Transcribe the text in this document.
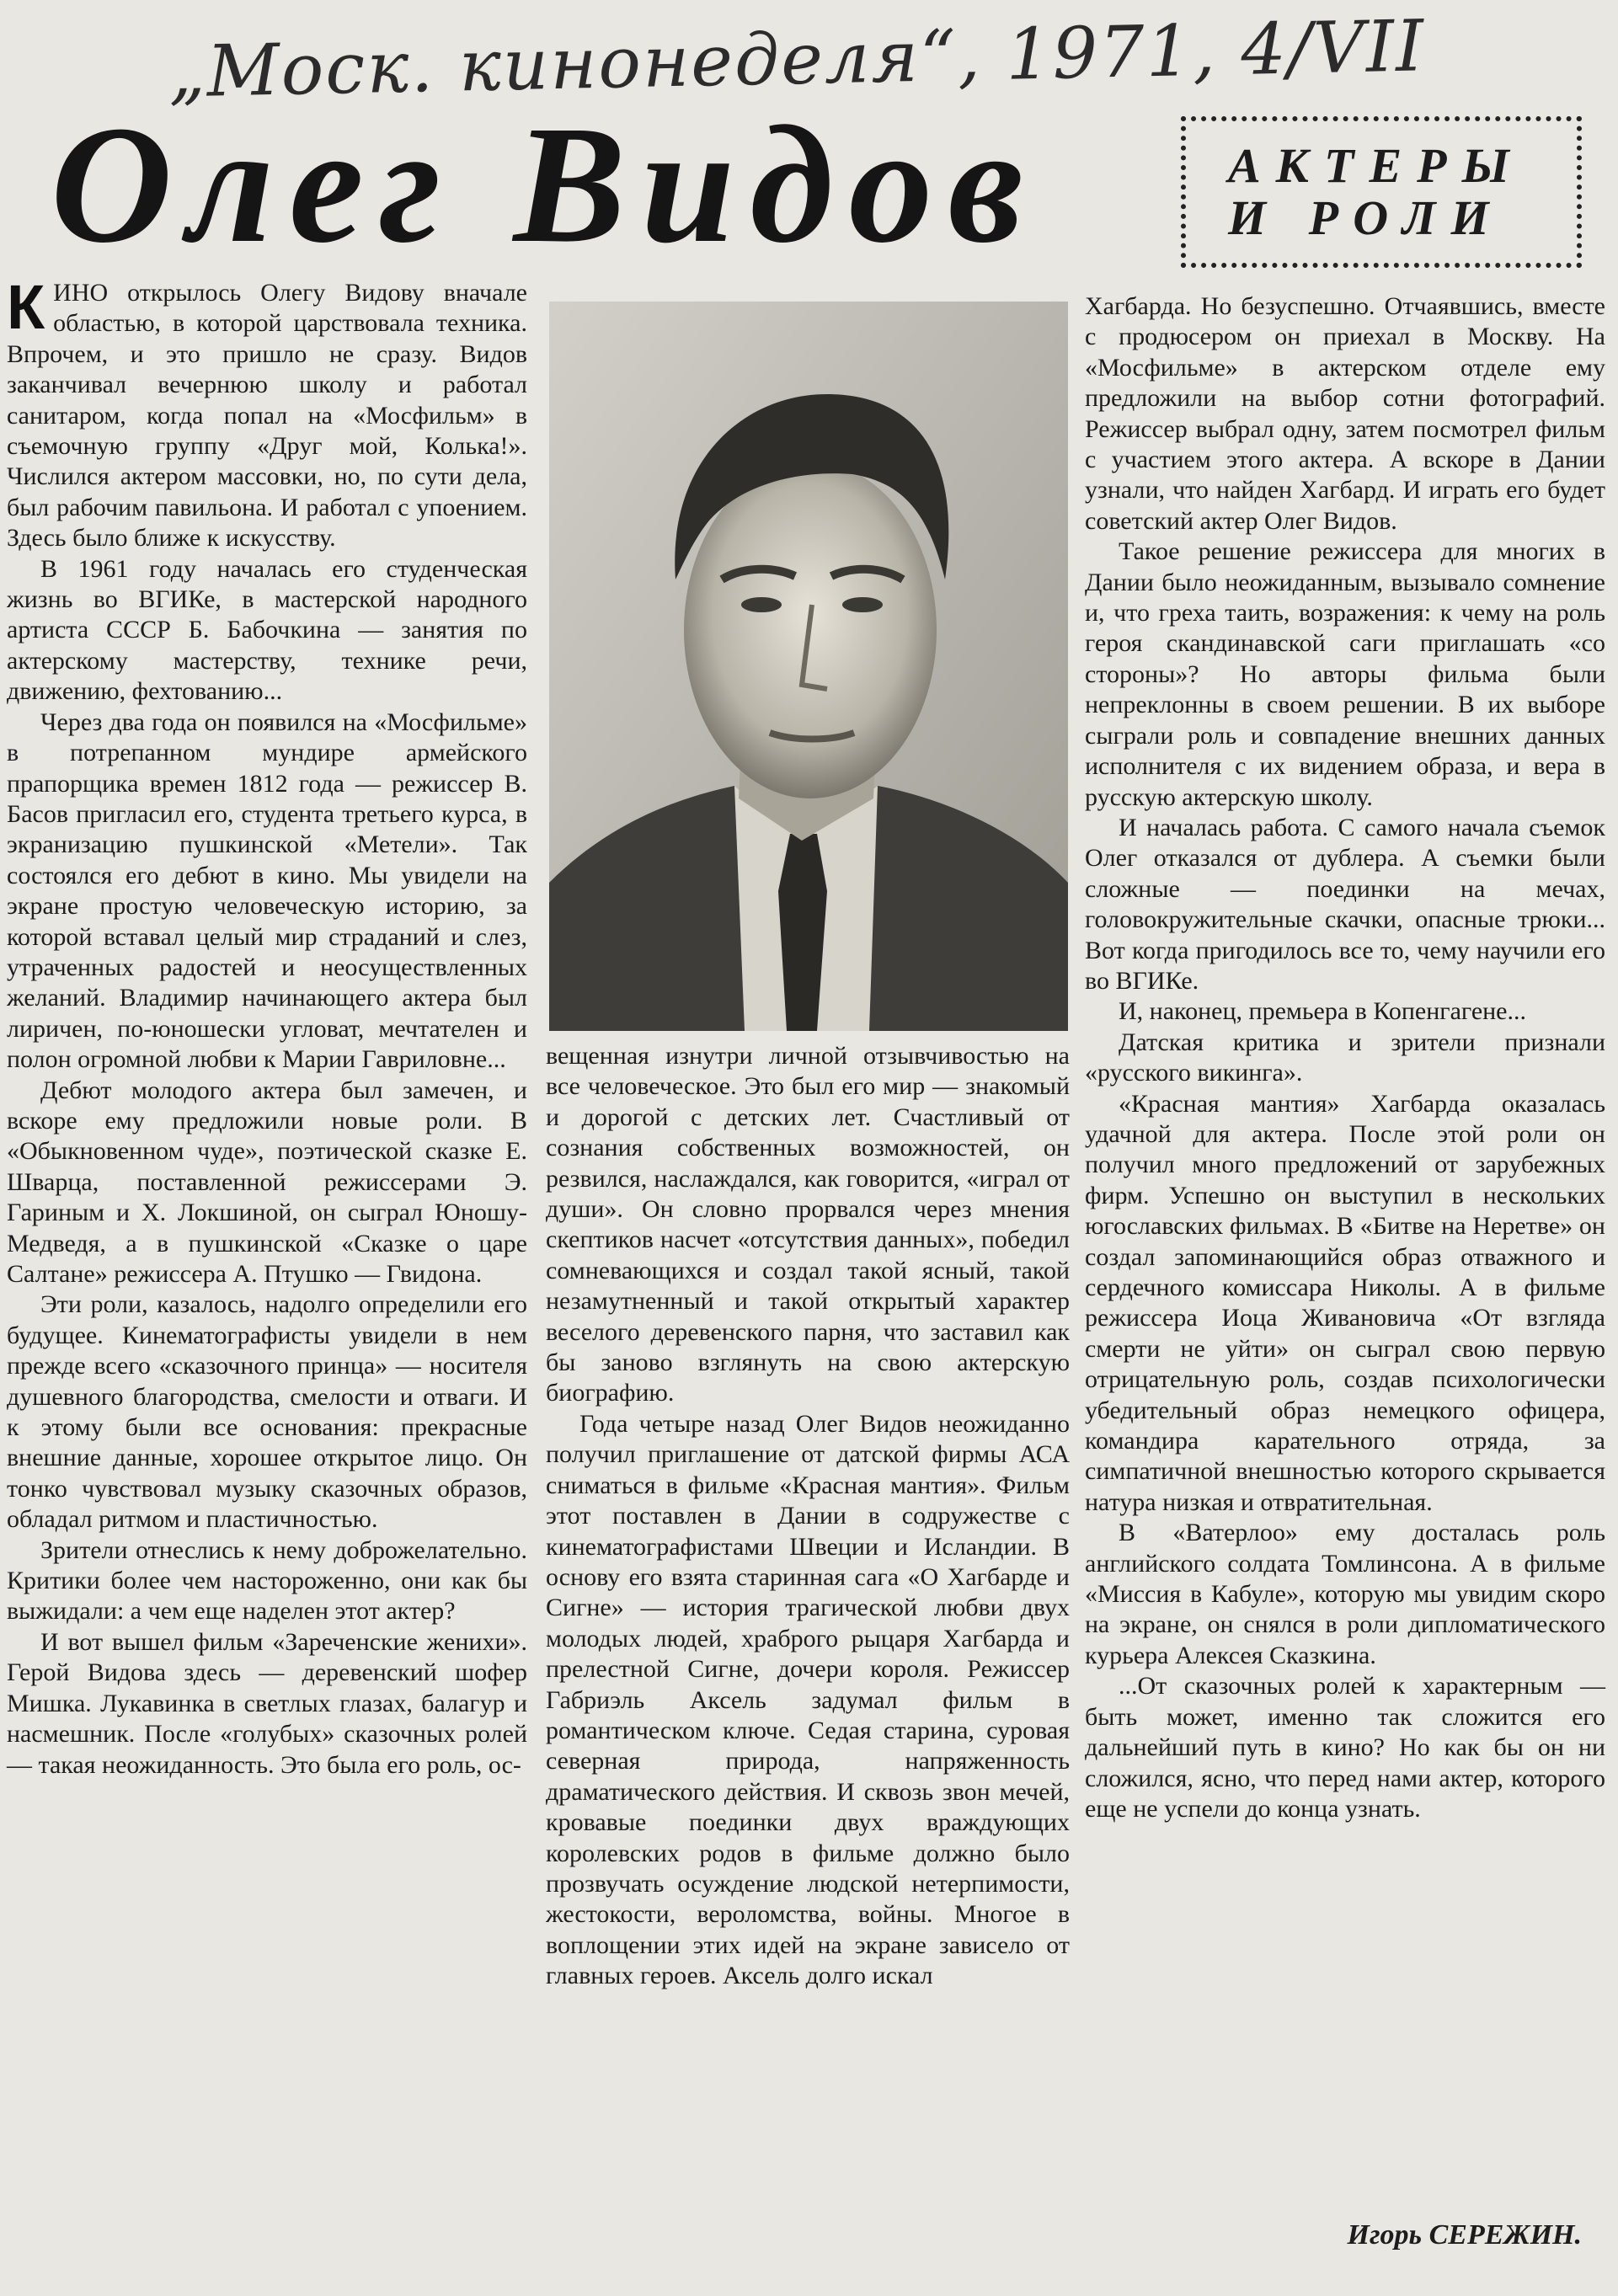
„Моск. кинонеделя“, 1971, 4/VII
Олег Видов	АКТЕРЫ
И РОЛИ

КИНО открылось Олегу Видову вначале областью, в которой царствовала техника. Впрочем, и это пришло не сразу. Видов заканчивал вечернюю школу и работал санитаром, когда попал на «Мосфильм» в съемочную группу «Друг мой, Колька!». Числился актером массовки, но, по сути дела, был рабочим павильона. И работал с упоением. Здесь было ближе к искусству.

В 1961 году началась его студенческая жизнь во ВГИКе, в мастерской народного артиста СССР Б. Бабочкина — занятия по актерскому мастерству, технике речи, движению, фехтованию...

Через два года он появился на «Мосфильме» в потрепанном мундире армейского прапорщика времен 1812 года — режиссер В. Басов пригласил его, студента третьего курса, в экранизацию пушкинской «Метели». Так состоялся его дебют в кино. Мы увидели на экране простую человеческую историю, за которой вставал целый мир страданий и слез, утраченных радостей и неосуществленных желаний. Владимир начинающего актера был лиричен, по-юношески угловат, мечтателен и полон огромной любви к Марии Гавриловне...

Дебют молодого актера был замечен, и вскоре ему предложили новые роли. В «Обыкновенном чуде», поэтической сказке Е. Шварца, поставленной режиссерами Э. Гариным и Х. Локшиной, он сыграл Юношу-Медведя, а в пушкинской «Сказке о царе Салтане» режиссера А. Птушко — Гвидона.

Эти роли, казалось, надолго определили его будущее. Кинематографисты увидели в нем прежде всего «сказочного принца» — носителя душевного благородства, смелости и отваги. И к этому были все основания: прекрасные внешние данные, хорошее открытое лицо. Он тонко чувствовал музыку сказочных образов, обладал ритмом и пластичностью.

Зрители отнеслись к нему доброжелательно. Критики более чем настороженно, они как бы выжидали: а чем еще наделен этот актер?

И вот вышел фильм «Зареченские женихи». Герой Видова здесь — деревенский шофер Мишка. Лукавинка в светлых глазах, балагур и насмешник. После «голубых» сказочных ролей — такая неожиданность. Это была его роль, ос-

вещенная изнутри личной отзывчивостью на все человеческое. Это был его мир — знакомый и дорогой с детских лет. Счастливый от сознания собственных возможностей, он резвился, наслаждался, как говорится, «играл от души». Он словно прорвался через мнения скептиков насчет «отсутствия данных», победил сомневающихся и создал такой ясный, такой незамутненный и такой открытый характер веселого деревенского парня, что заставил как бы заново взглянуть на свою актерскую биографию.

Года четыре назад Олег Видов неожиданно получил приглашение от датской фирмы АСА сниматься в фильме «Красная мантия». Фильм этот поставлен в Дании в содружестве с кинематографистами Швеции и Исландии. В основу его взята старинная сага «О Хагбарде и Сигне» — история трагической любви двух молодых людей, храброго рыцаря Хагбарда и прелестной Сигне, дочери короля. Режиссер Габриэль Аксель задумал фильм в романтическом ключе. Седая старина, суровая северная природа, напряженность драматического действия. И сквозь звон мечей, кровавые поединки двух враждующих королевских родов в фильме должно было прозвучать осуждение людской нетерпимости, жестокости, вероломства, войны. Многое в воплощении этих идей на экране зависело от главных героев. Аксель долго искал

Хагбарда. Но безуспешно. Отчаявшись, вместе с продюсером он приехал в Москву. На «Мосфильме» в актерском отделе ему предложили на выбор сотни фотографий. Режиссер выбрал одну, затем посмотрел фильм с участием этого актера. А вскоре в Дании узнали, что найден Хагбард. И играть его будет советский актер Олег Видов.

Такое решение режиссера для многих в Дании было неожиданным, вызывало сомнение и, что греха таить, возражения: к чему на роль героя скандинавской саги приглашать «со стороны»? Но авторы фильма были непреклонны в своем решении. В их выборе сыграли роль и совпадение внешних данных исполнителя с их видением образа, и вера в русскую актерскую школу.

И началась работа. С самого начала съемок Олег отказался от дублера. А съемки были сложные — поединки на мечах, головокружительные скачки, опасные трюки... Вот когда пригодилось все то, чему научили его во ВГИКе.

И, наконец, премьера в Копенгагене...

Датская критика и зрители признали «русского викинга».

«Красная мантия» Хагбарда оказалась удачной для актера. После этой роли он получил много предложений от зарубежных фирм. Успешно он выступил в нескольких югославских фильмах. В «Битве на Неретве» он создал запоминающийся образ отважного и сердечного комиссара Николы. А в фильме режиссера Иоца Живановича «От взгляда смерти не уйти» он сыграл свою первую отрицательную роль, создав психологически убедительный образ немецкого офицера, командира карательного отряда, за симпатичной внешностью которого скрывается натура низкая и отвратительная.

В «Ватерлоо» ему досталась роль английского солдата Томлинсона. А в фильме «Миссия в Кабуле», которую мы увидим скоро на экране, он снялся в роли дипломатического курьера Алексея Сказкина.

...От сказочных ролей к характерным — быть может, именно так сложится его дальнейший путь в кино? Но как бы он ни сложился, ясно, что перед нами актер, которого еще не успели до конца узнать.

Игорь СЕРЕЖИН.
